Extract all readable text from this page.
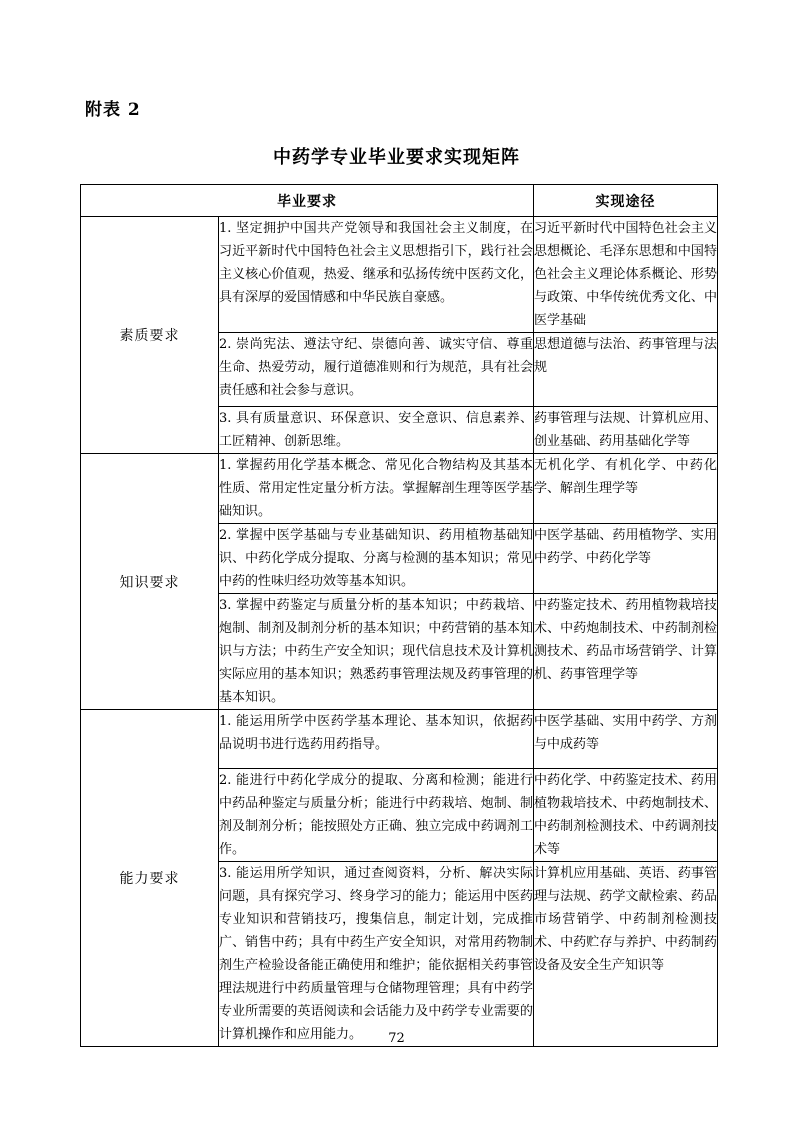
附表 2
中药学专业毕业要求实现矩阵
毕业要求		实现途径
素质要求	1. 坚定拥护中国共产党领导和我国社会主义制度，在习近平新时代中国特色社会主义思想指引下，践行社会主义核心价值观，热爱、继承和弘扬传统中医药文化，具有深厚的爱国情感和中华民族自豪感。	习近平新时代中国特色社会主义思想概论、毛泽东思想和中国特色社会主义理论体系概论、形势与政策、中华传统优秀文化、中医学基础
	2. 崇尚宪法、遵法守纪、崇德向善、诚实守信、尊重生命、热爱劳动，履行道德准则和行为规范，具有社会责任感和社会参与意识。	思想道德与法治、药事管理与法规
	3. 具有质量意识、环保意识、安全意识、信息素养、工匠精神、创新思维。	药事管理与法规、计算机应用、创业基础、药用基础化学等
知识要求	1. 掌握药用化学基本概念、常见化合物结构及其基本性质、常用定性定量分析方法。掌握解剖生理等医学基础知识。	无机化学、有机化学、中药化学、解剖生理学等
	2. 掌握中医学基础与专业基础知识、药用植物基础知识、中药化学成分提取、分离与检测的基本知识；常见中药的性味归经功效等基本知识。	中医学基础、药用植物学、实用中药学、中药化学等
	3. 掌握中药鉴定与质量分析的基本知识；中药栽培、炮制、制剂及制剂分析的基本知识；中药营销的基本知识与方法；中药生产安全知识；现代信息技术及计算机实际应用的基本知识；熟悉药事管理法规及药事管理的基本知识。	中药鉴定技术、药用植物栽培技术、中药炮制技术、中药制剂检测技术、药品市场营销学、计算机、药事管理学等
能力要求	1. 能运用所学中医药学基本理论、基本知识，依据药品说明书进行选药用药指导。	中医学基础、实用中药学、方剂与中成药等
	2. 能进行中药化学成分的提取、分离和检测；能进行中药品种鉴定与质量分析；能进行中药栽培、炮制、制剂及制剂分析；能按照处方正确、独立完成中药调剂工作。	中药化学、中药鉴定技术、药用植物栽培技术、中药炮制技术、中药制剂检测技术、中药调剂技术等
	3. 能运用所学知识，通过查阅资料，分析、解决实际问题，具有探究学习、终身学习的能力；能运用中医药专业知识和营销技巧，搜集信息，制定计划，完成推广、销售中药；具有中药生产安全知识，对常用药物制剂生产检验设备能正确使用和维护；能依据相关药事管理法规进行中药质量管理与仓储物理管理；具有中药学专业所需要的英语阅读和会话能力及中药学专业需要的计算机操作和应用能力。	计算机应用基础、英语、药事管理与法规、药学文献检索、药品市场营销学、中药制剂检测技术、中药贮存与养护、中药制药设备及安全生产知识等
72
